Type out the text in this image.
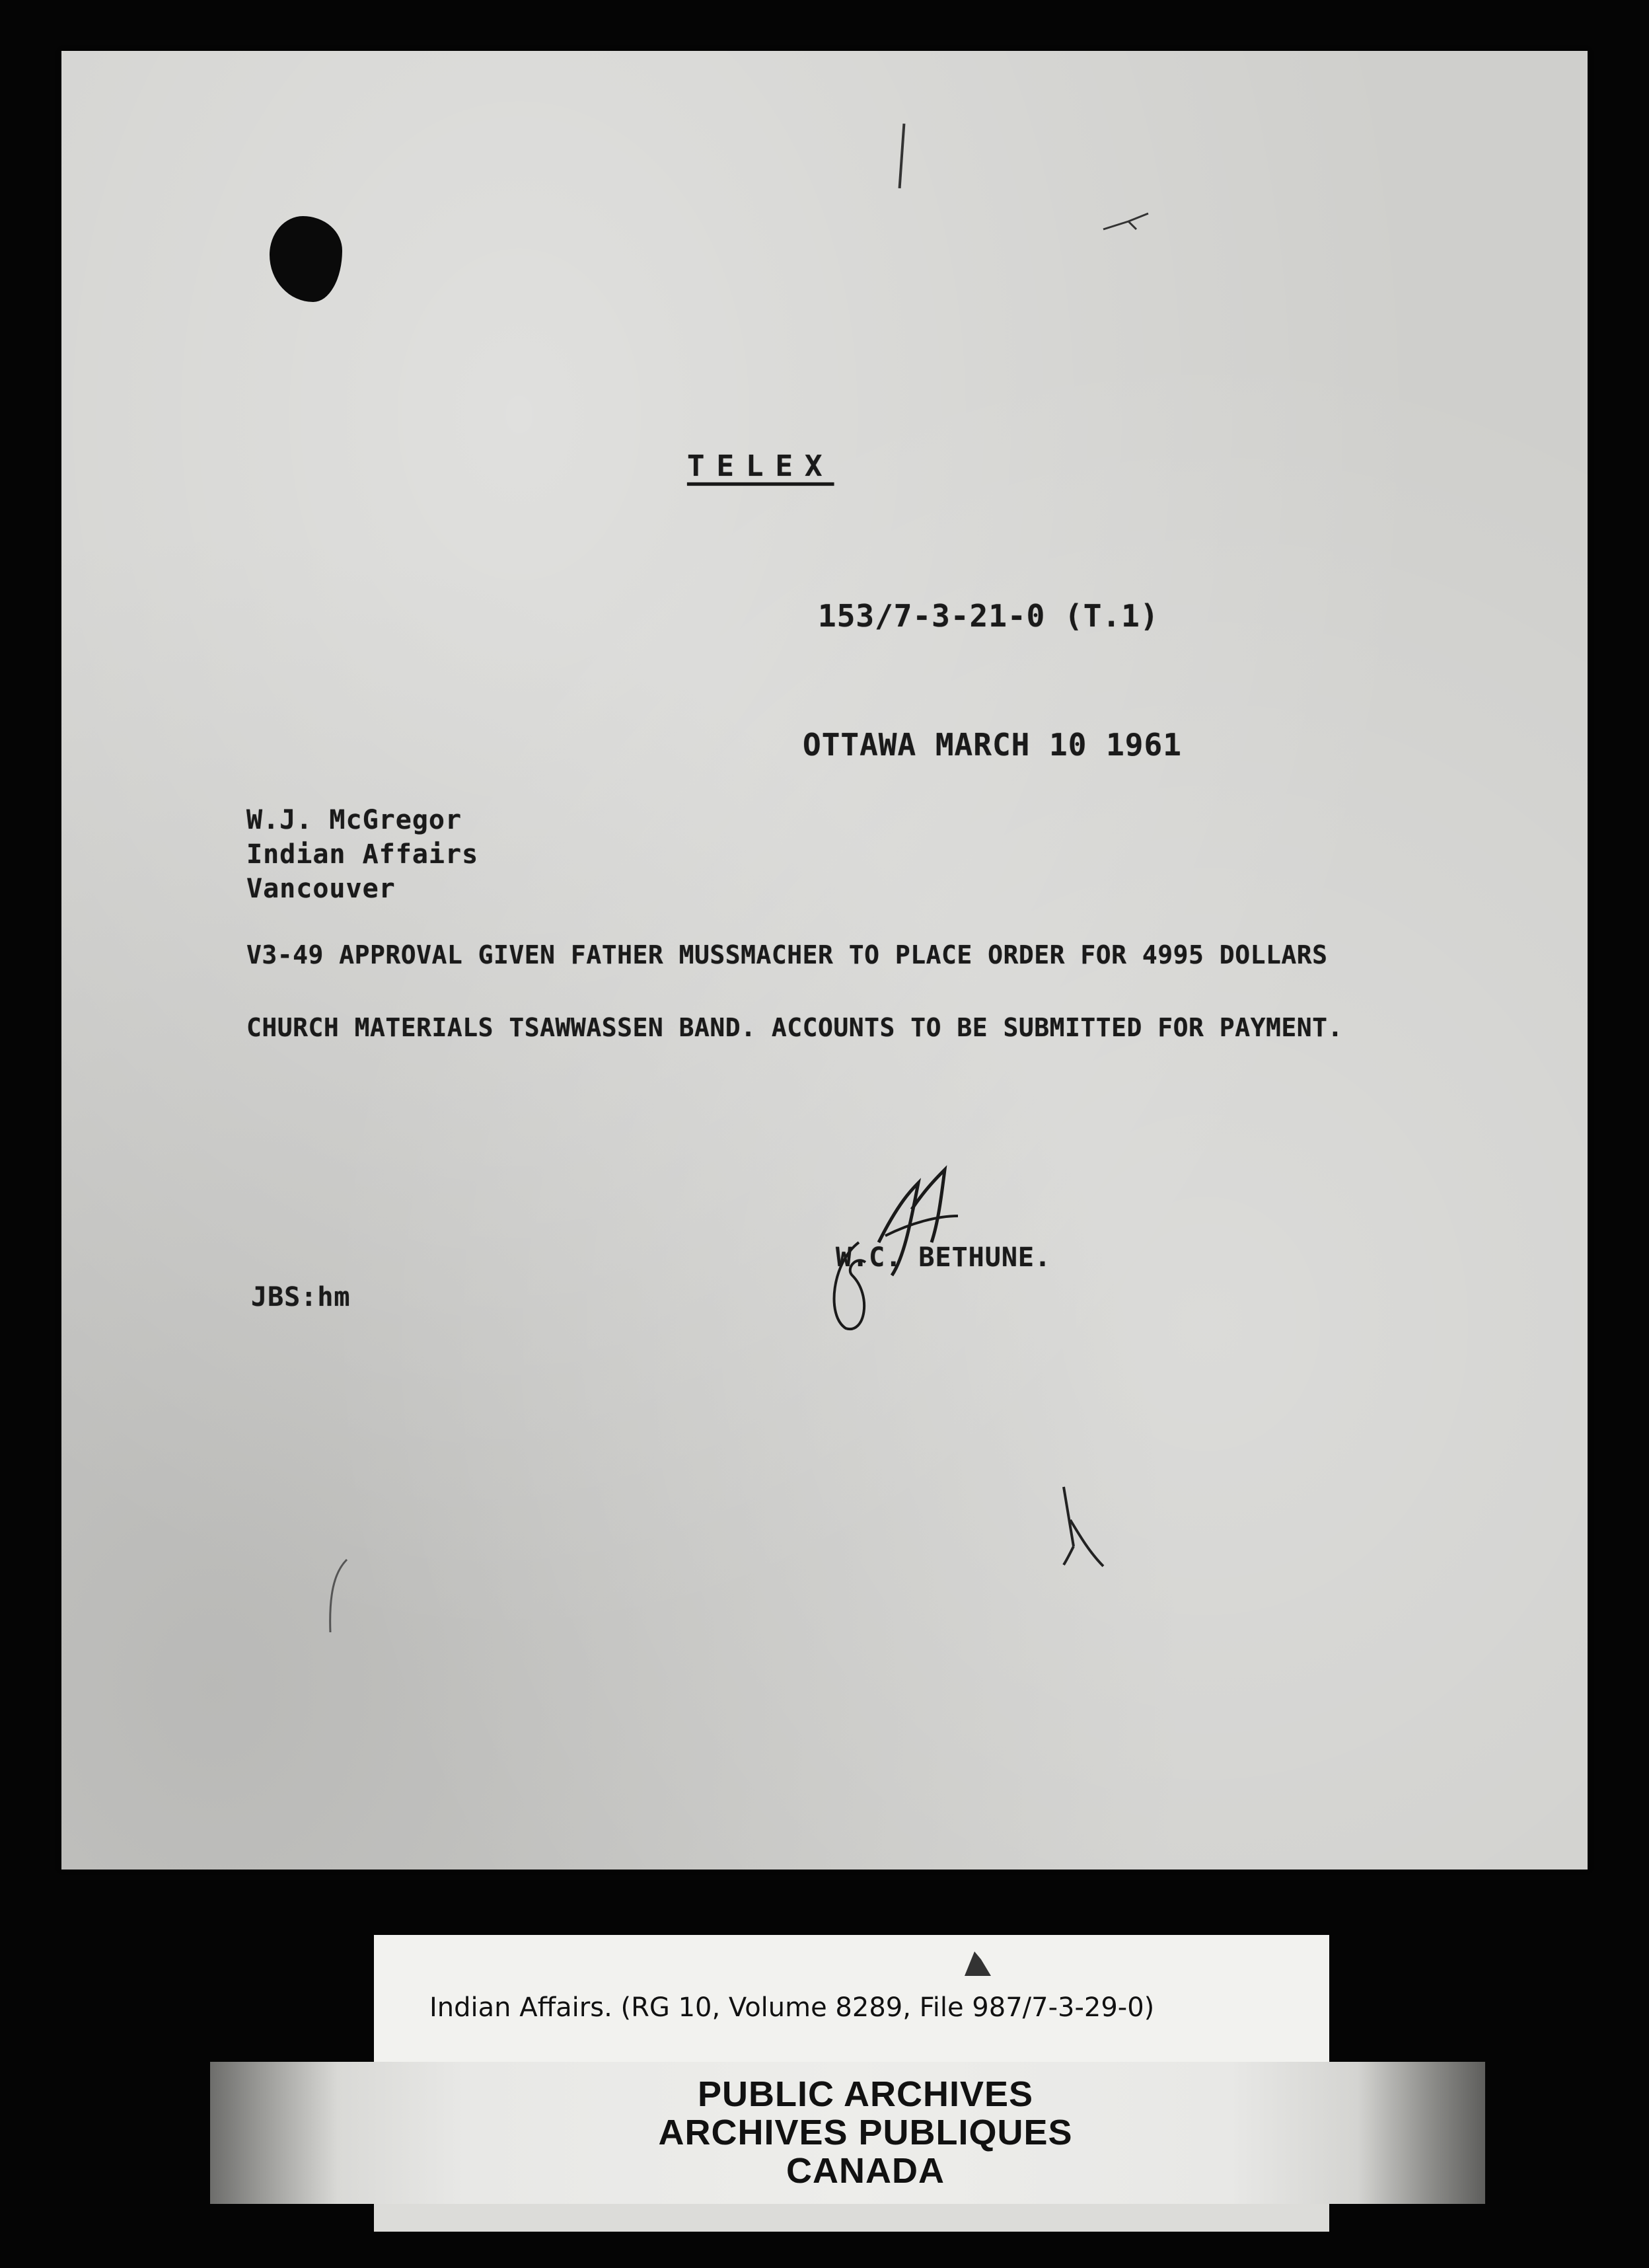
TELEX
153/7-3-21-0 (T.1)
OTTAWA MARCH 10 1961
W.J. McGregor
Indian Affairs
Vancouver
V3-49 APPROVAL GIVEN FATHER MUSSMACHER TO PLACE ORDER FOR 4995 DOLLARS
CHURCH MATERIALS TSAWWASSEN BAND. ACCOUNTS TO BE SUBMITTED FOR PAYMENT.
W.C. BETHUNE.
JBS:hm
Indian Affairs. (RG 10, Volume 8289, File 987/7-3-29-0)
PUBLIC ARCHIVES
ARCHIVES PUBLIQUES
CANADA
